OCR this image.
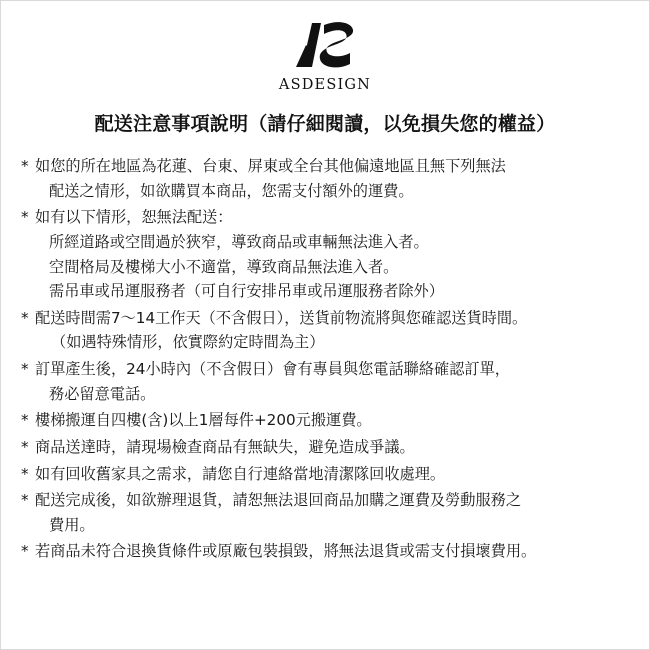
ASDESIGN
配送注意事項說明（請仔細閱讀，以免損失您的權益）
* 如您的所在地區為花蓮、台東、屏東或全台其他偏遠地區且無下列無法
配送之情形，如欲購買本商品，您需支付額外的運費。
* 如有以下情形，恕無法配送：
所經道路或空間過於狹窄，導致商品或車輛無法進入者。
空間格局及樓梯大小不適當，導致商品無法進入者。
需吊車或吊運服務者（可自行安排吊車或吊運服務者除外）
* 配送時間需7～14工作天（不含假日），送貨前物流將與您確認送貨時間。
（如遇特殊情形，依實際約定時間為主）
* 訂單產生後，24小時內（不含假日）會有專員與您電話聯絡確認訂單，
務必留意電話。
* 樓梯搬運自四樓(含)以上1層每件+200元搬運費。
* 商品送達時，請現場檢查商品有無缺失，避免造成爭議。
* 如有回收舊家具之需求，請您自行連絡當地清潔隊回收處理。
* 配送完成後，如欲辦理退貨，請恕無法退回商品加購之運費及勞動服務之
費用。
* 若商品未符合退換貨條件或原廠包裝損毀，將無法退貨或需支付損壞費用。
